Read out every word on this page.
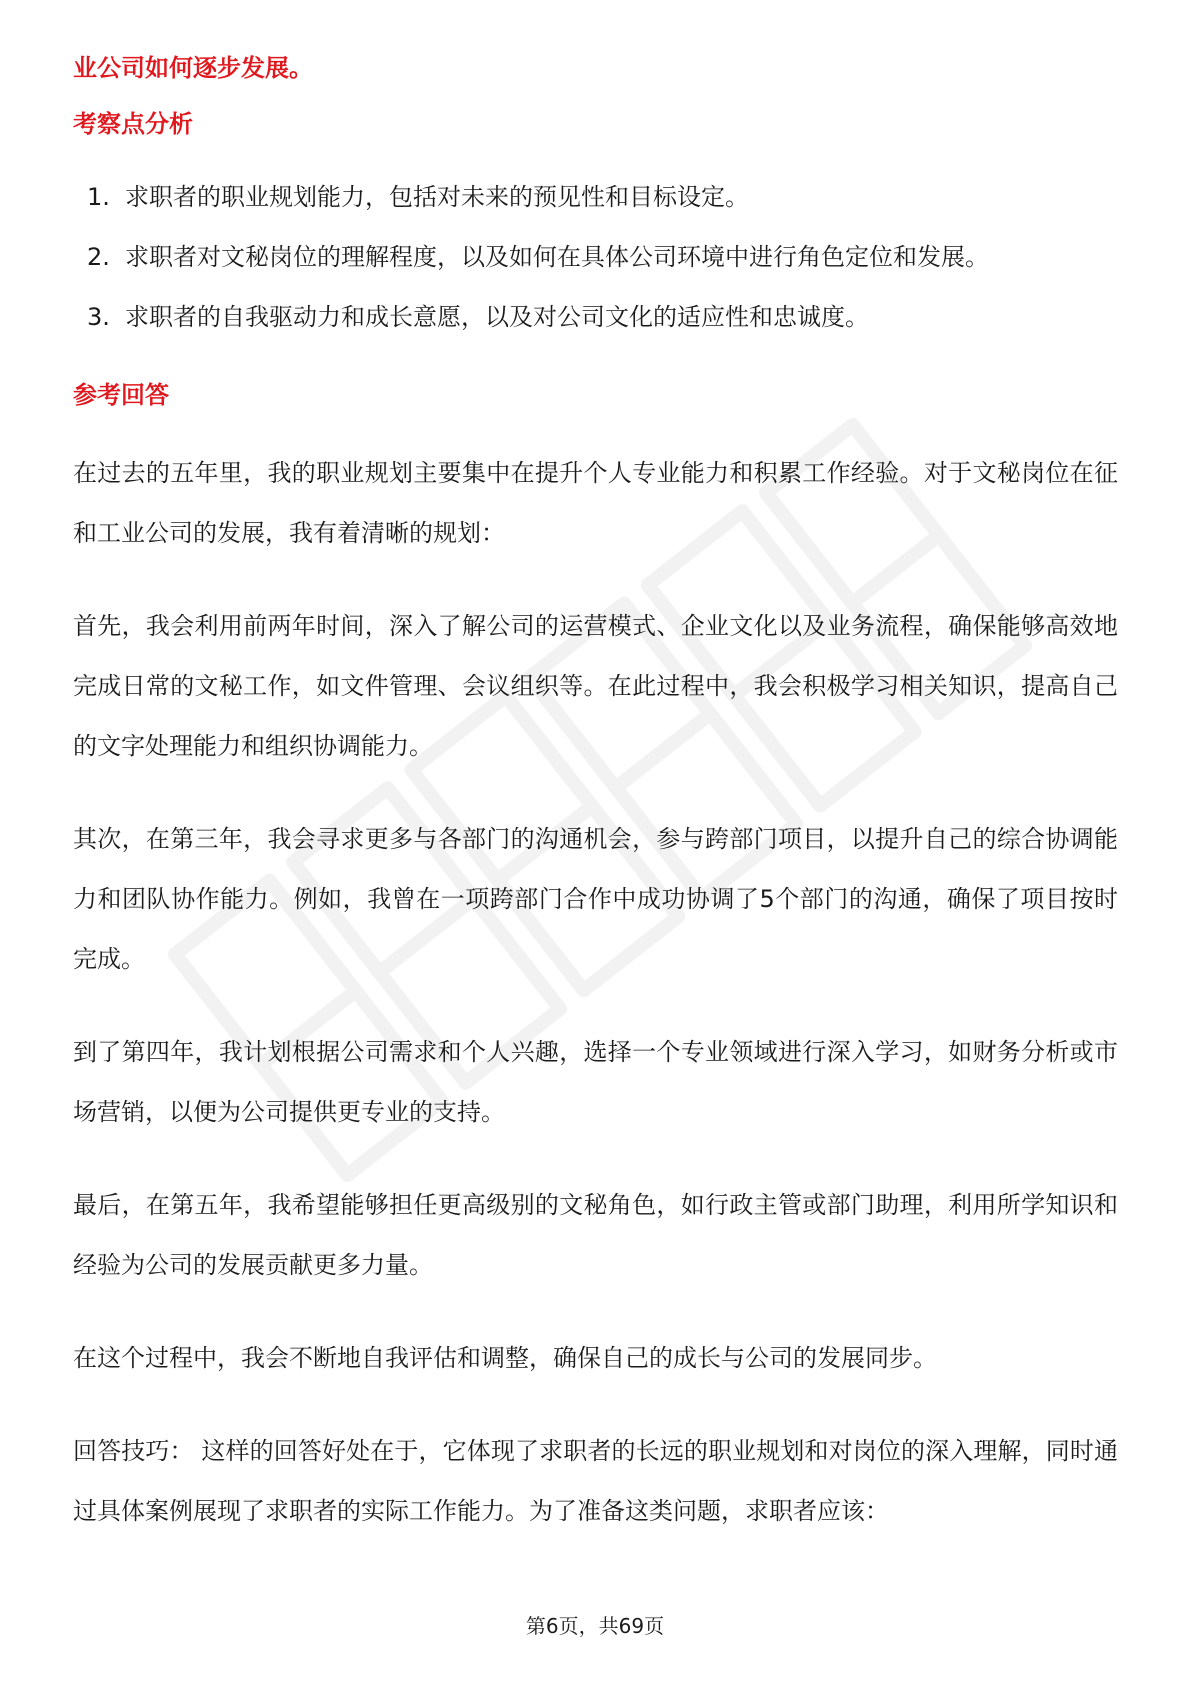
业公司如何逐步发展。
考察点分析
1. 求职者的职业规划能力，包括对未来的预见性和目标设定。
2. 求职者对文秘岗位的理解程度，以及如何在具体公司环境中进行角色定位和发展。
3. 求职者的自我驱动力和成长意愿，以及对公司文化的适应性和忠诚度。
参考回答

在过去的五年里，我的职业规划主要集中在提升个人专业能力和积累工作经验。对于文秘岗位在征和工业公司的发展，我有着清晰的规划：

首先，我会利用前两年时间，深入了解公司的运营模式、企业文化以及业务流程，确保能够高效地完成日常的文秘工作，如文件管理、会议组织等。在此过程中，我会积极学习相关知识，提高自己的文字处理能力和组织协调能力。

其次，在第三年，我会寻求更多与各部门的沟通机会，参与跨部门项目，以提升自己的综合协调能力和团队协作能力。例如，我曾在一项跨部门合作中成功协调了5个部门的沟通，确保了项目按时完成。

到了第四年，我计划根据公司需求和个人兴趣，选择一个专业领域进行深入学习，如财务分析或市场营销，以便为公司提供更专业的支持。

最后，在第五年，我希望能够担任更高级别的文秘角色，如行政主管或部门助理，利用所学知识和经验为公司的发展贡献更多力量。

在这个过程中，我会不断地自我评估和调整，确保自己的成长与公司的发展同步。

回答技巧： 这样的回答好处在于，它体现了求职者的长远的职业规划和对岗位的深入理解，同时通过具体案例展现了求职者的实际工作能力。为了准备这类问题，求职者应该：

第6页，共69页
